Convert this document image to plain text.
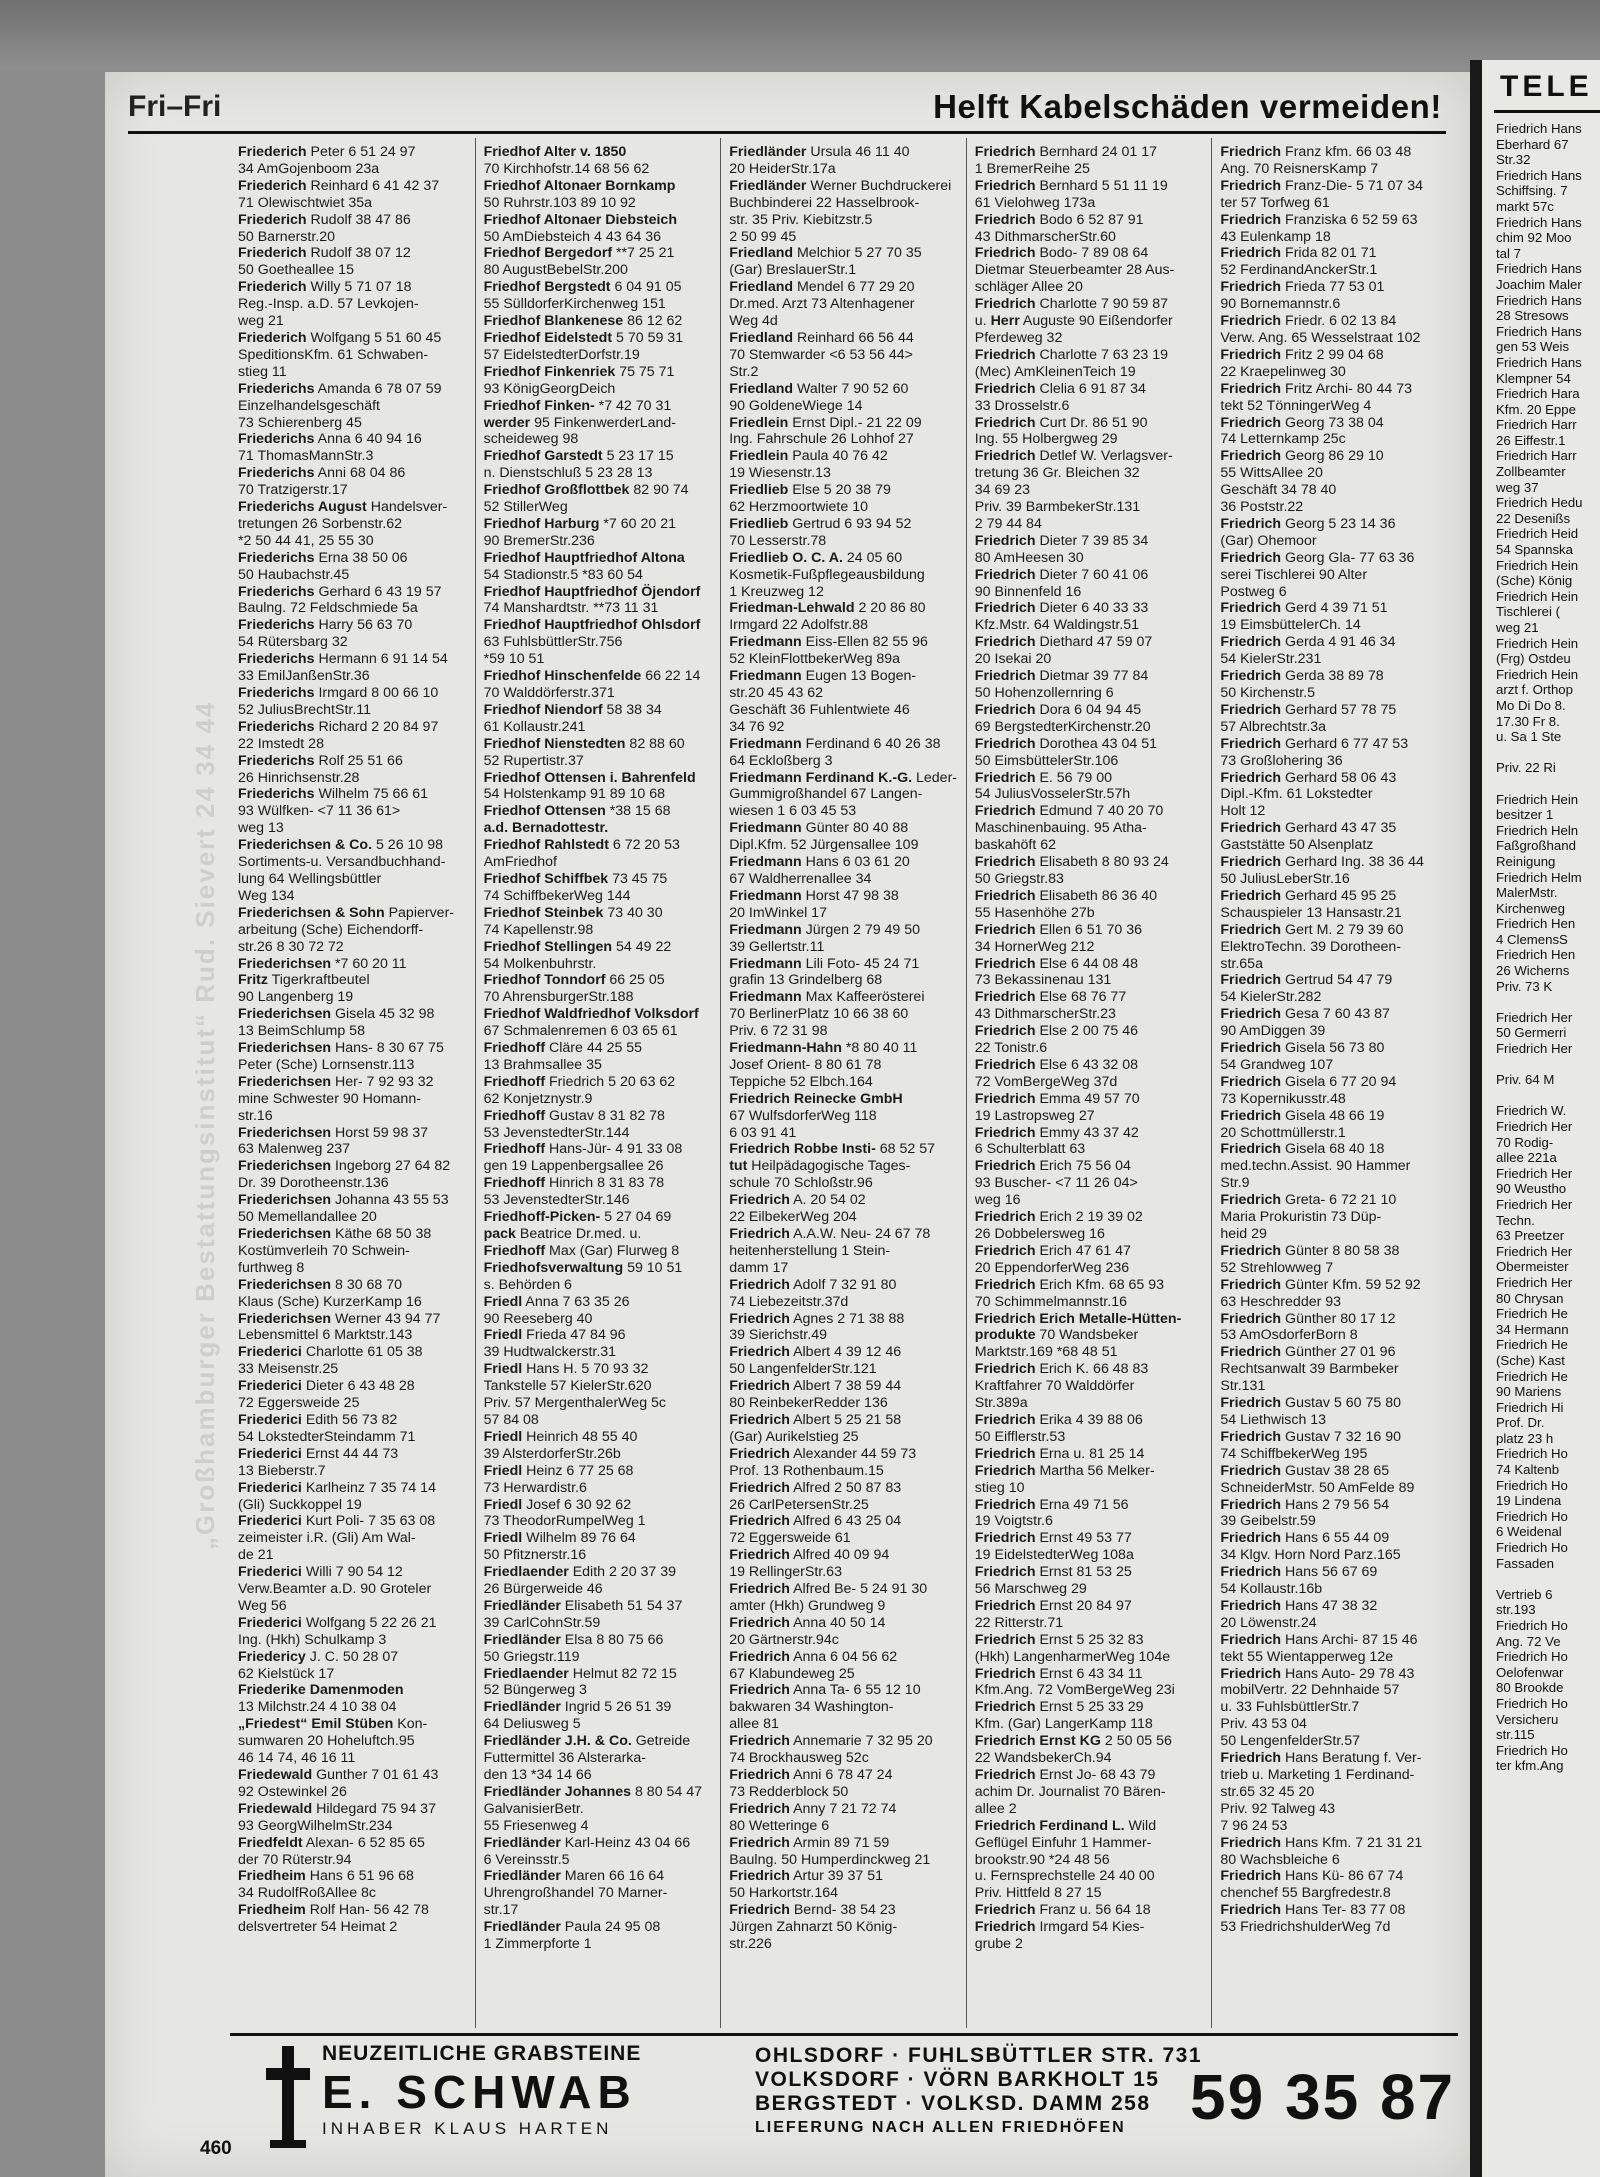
TELE
Friedrich Hans
Eberhard 67
Str.32
Friedrich Hans
Schiffsing. 7
markt 57c
Friedrich Hans
chim 92 Moo
tal 7
Friedrich Hans
Joachim Maler
Friedrich Hans
28 Stresows
Friedrich Hans
gen 53 Weis
Friedrich Hans
Klempner 54
Friedrich Hara
Kfm. 20 Eppe
Friedrich Harr
26 Eiffestr.1
Friedrich Harr
Zollbeamter
weg 37
Friedrich Hedu
22 Desenißs
Friedrich Heid
54 Spannska
Friedrich Hein
(Sche) König
Friedrich Hein
Tischlerei (
weg 21
Friedrich Hein
(Frg) Ostdeu
Friedrich Hein
arzt f. Orthop
Mo Di Do 8.
17.30 Fr 8.
u. Sa 1 Ste

Priv. 22 Ri

Friedrich Hein
besitzer 1
Friedrich Heln
Faßgroßhand
Reinigung
Friedrich Helm
MalerMstr.
Kirchenweg
Friedrich Hen
4 ClemensS
Friedrich Hen
26 Wicherns
Priv. 73 K

Friedrich Her
50 Germerri
Friedrich Her

Priv. 64 M

Friedrich W.
Friedrich Her
70 Rodig-
allee 221a
Friedrich Her
90 Weustho
Friedrich Her
Techn.
63 Preetzer
Friedrich Her
Obermeister
Friedrich Her
80 Chrysan
Friedrich He
34 Hermann
Friedrich He
(Sche) Kast
Friedrich He
90 Mariens
Friedrich Hi
Prof. Dr.
platz 23 h
Friedrich Ho
74 Kaltenb
Friedrich Ho
19 Lindena
Friedrich Ho
6 Weidenal
Friedrich Ho
Fassaden

Vertrieb 6
str.193
Friedrich Ho
Ang. 72 Ve
Friedrich Ho
Oelofenwar
80 Brookde
Friedrich Ho
Versicheru
str.115
Friedrich Ho
ter kfm.Ang
Fri–Fri	Helft Kabelschäden vermeiden!
„Großhamburger Bestattungsinstitut“ Rud. Sievert 24 34 44
Friederich Peter 6 51 24 97
34 AmGojenboom 23a
Friederich Reinhard 6 41 42 37
71 Olewischtwiet 35a
Friederich Rudolf 38 47 86
50 Barnerstr.20
Friederich Rudolf 38 07 12
50 Goetheallee 15
Friederich Willy 5 71 07 18
Reg.-Insp. a.D. 57 Levkojen-
weg 21
Friederich Wolfgang 5 51 60 45
SpeditionsKfm. 61 Schwaben-
stieg 11
Friederichs Amanda 6 78 07 59
Einzelhandelsgeschäft
73 Schierenberg 45
Friederichs Anna 6 40 94 16
71 ThomasMannStr.3
Friederichs Anni 68 04 86
70 Tratzigerstr.17
Friederichs August Handelsver-
tretungen 26 Sorbenstr.62
*2 50 44 41, 25 55 30
Friederichs Erna 38 50 06
50 Haubachstr.45
Friederichs Gerhard 6 43 19 57
Baulng. 72 Feldschmiede 5a
Friederichs Harry 56 63 70
54 Rütersbarg 32
Friederichs Hermann 6 91 14 54
33 EmilJanßenStr.36
Friederichs Irmgard 8 00 66 10
52 JuliusBrechtStr.11
Friederichs Richard 2 20 84 97
22 Imstedt 28
Friederichs Rolf 25 51 66
26 Hinrichsenstr.28
Friederichs Wilhelm 75 66 61
93 Wülfken- <7 11 36 61>
weg 13
Friederichsen & Co. 5 26 10 98
Sortiments-u. Versandbuchhand-
lung 64 Wellingsbüttler
Weg 134
Friederichsen & Sohn Papierver-
arbeitung (Sche) Eichendorff-
str.26 8 30 72 72
Friederichsen *7 60 20 11
Fritz Tigerkraftbeutel
90 Langenberg 19
Friederichsen Gisela 45 32 98
13 BeimSchlump 58
Friederichsen Hans- 8 30 67 75
Peter (Sche) Lornsenstr.113
Friederichsen Her- 7 92 93 32
mine Schwester 90 Homann-
str.16
Friederichsen Horst 59 98 37
63 Malenweg 237
Friederichsen Ingeborg 27 64 82
Dr. 39 Dorotheenstr.136
Friederichsen Johanna 43 55 53
50 Memellandallee 20
Friederichsen Käthe 68 50 38
Kostümverleih 70 Schwein-
furthweg 8
Friederichsen 8 30 68 70
Klaus (Sche) KurzerKamp 16
Friederichsen Werner 43 94 77
Lebensmittel 6 Marktstr.143
Friederici Charlotte 61 05 38
33 Meisenstr.25
Friederici Dieter 6 43 48 28
72 Eggersweide 25
Friederici Edith 56 73 82
54 LokstedterSteindamm 71
Friederici Ernst 44 44 73
13 Bieberstr.7
Friederici Karlheinz 7 35 74 14
(Gli) Suckkoppel 19
Friederici Kurt Poli- 7 35 63 08
zeimeister i.R. (Gli) Am Wal-
de 21
Friederici Willi 7 90 54 12
Verw.Beamter a.D. 90 Groteler
Weg 56
Friederici Wolfgang 5 22 26 21
Ing. (Hkh) Schulkamp 3
Friedericy J. C. 50 28 07
62 Kielstück 17
Friederike Damenmoden
13 Milchstr.24 4 10 38 04
„Friedest“ Emil Stüben Kon-
sumwaren 20 Hoheluftch.95
46 14 74, 46 16 11
Friedewald Gunther 7 01 61 43
92 Ostewinkel 26
Friedewald Hildegard 75 94 37
93 GeorgWilhelmStr.234
Friedfeldt Alexan- 6 52 85 65
der 70 Rüterstr.94
Friedheim Hans 6 51 96 68
34 RudolfRoßAllee 8c
Friedheim Rolf Han- 56 42 78
delsvertreter 54 Heimat 2
Friedhof Alter v. 1850
70 Kirchhofstr.14 68 56 62
Friedhof Altonaer Bornkamp
50 Ruhrstr.103 89 10 92
Friedhof Altonaer Diebsteich
50 AmDiebsteich 4 43 64 36
Friedhof Bergedorf **7 25 21
80 AugustBebelStr.200
Friedhof Bergstedt 6 04 91 05
55 SülldorferKirchenweg 151
Friedhof Blankenese 86 12 62
Friedhof Eidelstedt 5 70 59 31
57 EidelstedterDorfstr.19
Friedhof Finkenriek 75 75 71
93 KönigGeorgDeich
Friedhof Finken- *7 42 70 31
werder 95 FinkenwerderLand-
scheideweg 98
Friedhof Garstedt 5 23 17 15
n. Dienstschluß 5 23 28 13
Friedhof Großflottbek 82 90 74
52 StillerWeg
Friedhof Harburg *7 60 20 21
90 BremerStr.236
Friedhof Hauptfriedhof Altona
54 Stadionstr.5 *83 60 54
Friedhof Hauptfriedhof Öjendorf
74 Manshardtstr. **73 11 31
Friedhof Hauptfriedhof Ohlsdorf
63 FuhlsbüttlerStr.756
*59 10 51
Friedhof Hinschenfelde 66 22 14
70 Walddörferstr.371
Friedhof Niendorf 58 38 34
61 Kollaustr.241
Friedhof Nienstedten 82 88 60
52 Rupertistr.37
Friedhof Ottensen i. Bahrenfeld
54 Holstenkamp 91 89 10 68
Friedhof Ottensen *38 15 68
a.d. Bernadottestr.
Friedhof Rahlstedt 6 72 20 53
AmFriedhof
Friedhof Schiffbek 73 45 75
74 SchiffbekerWeg 144
Friedhof Steinbek 73 40 30
74 Kapellenstr.98
Friedhof Stellingen 54 49 22
54 Molkenbuhrstr.
Friedhof Tonndorf 66 25 05
70 AhrensburgerStr.188
Friedhof Waldfriedhof Volksdorf
67 Schmalenremen 6 03 65 61
Friedhoff Cläre 44 25 55
13 Brahmsallee 35
Friedhoff Friedrich 5 20 63 62
62 Konjetznystr.9
Friedhoff Gustav 8 31 82 78
53 JevenstedterStr.144
Friedhoff Hans-Jür- 4 91 33 08
gen 19 Lappenbergsallee 26
Friedhoff Hinrich 8 31 83 78
53 JevenstedterStr.146
Friedhoff-Picken- 5 27 04 69
pack Beatrice Dr.med. u.
Friedhoff Max (Gar) Flurweg 8
Friedhofsverwaltung 59 10 51
s. Behörden 6
Friedl Anna 7 63 35 26
90 Reeseberg 40
Friedl Frieda 47 84 96
39 Hudtwalckerstr.31
Friedl Hans H. 5 70 93 32
Tankstelle 57 KielerStr.620
Priv. 57 MergenthalerWeg 5c
57 84 08
Friedl Heinrich 48 55 40
39 AlsterdorferStr.26b
Friedl Heinz 6 77 25 68
73 Herwardistr.6
Friedl Josef 6 30 92 62
73 TheodorRumpelWeg 1
Friedl Wilhelm 89 76 64
50 Pfitznerstr.16
Friedlaender Edith 2 20 37 39
26 Bürgerweide 46
Friedländer Elisabeth 51 54 37
39 CarlCohnStr.59
Friedländer Elsa 8 80 75 66
50 Griegstr.119
Friedlaender Helmut 82 72 15
52 Büngerweg 3
Friedländer Ingrid 5 26 51 39
64 Deliusweg 5
Friedländer J.H. & Co. Getreide
Futtermittel 36 Alsterarka-
den 13 *34 14 66
Friedländer Johannes 8 80 54 47
GalvanisierBetr.
55 Friesenweg 4
Friedländer Karl-Heinz 43 04 66
6 Vereinsstr.5
Friedländer Maren 66 16 64
Uhrengroßhandel 70 Marner-
str.17
Friedländer Paula 24 95 08
1 Zimmerpforte 1
Friedländer Ursula 46 11 40
20 HeiderStr.17a
Friedländer Werner Buchdruckerei
Buchbinderei 22 Hasselbrook-
str. 35 Priv. Kiebitzstr.5
2 50 99 45
Friedland Melchior 5 27 70 35
(Gar) BreslauerStr.1
Friedland Mendel 6 77 29 20
Dr.med. Arzt 73 Altenhagener
Weg 4d
Friedland Reinhard 66 56 44
70 Stemwarder <6 53 56 44>
Str.2
Friedland Walter 7 90 52 60
90 GoldeneWiege 14
Friedlein Ernst Dipl.- 21 22 09
Ing. Fahrschule 26 Lohhof 27
Friedlein Paula 40 76 42
19 Wiesenstr.13
Friedlieb Else 5 20 38 79
62 Herzmoortwiete 10
Friedlieb Gertrud 6 93 94 52
70 Lesserstr.78
Friedlieb O. C. A. 24 05 60
Kosmetik-Fußpflegeausbildung
1 Kreuzweg 12
Friedman-Lehwald 2 20 86 80
Irmgard 22 Adolfstr.88
Friedmann Eiss-Ellen 82 55 96
52 KleinFlottbekerWeg 89a
Friedmann Eugen 13 Bogen-
str.20 45 43 62
Geschäft 36 Fuhlentwiete 46
34 76 92
Friedmann Ferdinand 6 40 26 38
64 Eckloßberg 3
Friedmann Ferdinand K.-G. Leder-
Gummigroßhandel 67 Langen-
wiesen 1 6 03 45 53
Friedmann Günter 80 40 88
Dipl.Kfm. 52 Jürgensallee 109
Friedmann Hans 6 03 61 20
67 Waldherrenallee 34
Friedmann Horst 47 98 38
20 ImWinkel 17
Friedmann Jürgen 2 79 49 50
39 Gellertstr.11
Friedmann Lili Foto- 45 24 71
grafin 13 Grindelberg 68
Friedmann Max Kaffeerösterei
70 BerlinerPlatz 10 66 38 60
Priv. 6 72 31 98
Friedmann-Hahn *8 80 40 11
Josef Orient- 8 80 61 78
Teppiche 52 Elbch.164
Friedrich Reinecke GmbH
67 WulfsdorferWeg 118
6 03 91 41
Friedrich Robbe Insti- 68 52 57
tut Heilpädagogische Tages-
schule 70 Schloßstr.96
Friedrich A. 20 54 02
22 EilbekerWeg 204
Friedrich A.A.W. Neu- 24 67 78
heitenherstellung 1 Stein-
damm 17
Friedrich Adolf 7 32 91 80
74 Liebezeitstr.37d
Friedrich Agnes 2 71 38 88
39 Sierichstr.49
Friedrich Albert 4 39 12 46
50 LangenfelderStr.121
Friedrich Albert 7 38 59 44
80 ReinbekerRedder 136
Friedrich Albert 5 25 21 58
(Gar) Aurikelstieg 25
Friedrich Alexander 44 59 73
Prof. 13 Rothenbaum.15
Friedrich Alfred 2 50 87 83
26 CarlPetersenStr.25
Friedrich Alfred 6 43 25 04
72 Eggersweide 61
Friedrich Alfred 40 09 94
19 RellingerStr.63
Friedrich Alfred Be- 5 24 91 30
amter (Hkh) Grundweg 9
Friedrich Anna 40 50 14
20 Gärtnerstr.94c
Friedrich Anna 6 04 56 62
67 Klabundeweg 25
Friedrich Anna Ta- 6 55 12 10
bakwaren 34 Washington-
allee 81
Friedrich Annemarie 7 32 95 20
74 Brockhausweg 52c
Friedrich Anni 6 78 47 24
73 Redderblock 50
Friedrich Anny 7 21 72 74
80 Wetteringe 6
Friedrich Armin 89 71 59
Baulng. 50 Humperdinckweg 21
Friedrich Artur 39 37 51
50 Harkortstr.164
Friedrich Bernd- 38 54 23
Jürgen Zahnarzt 50 König-
str.226
Friedrich Bernhard 24 01 17
1 BremerReihe 25
Friedrich Bernhard 5 51 11 19
61 Vielohweg 173a
Friedrich Bodo 6 52 87 91
43 DithmarscherStr.60
Friedrich Bodo- 7 89 08 64
Dietmar Steuerbeamter 28 Aus-
schläger Allee 20
Friedrich Charlotte 7 90 59 87
u. Herr Auguste 90 Eißendorfer
Pferdeweg 32
Friedrich Charlotte 7 63 23 19
(Mec) AmKleinenTeich 19
Friedrich Clelia 6 91 87 34
33 Drosselstr.6
Friedrich Curt Dr. 86 51 90
Ing. 55 Holbergweg 29
Friedrich Detlef W. Verlagsver-
tretung 36 Gr. Bleichen 32
34 69 23
Priv. 39 BarmbekerStr.131
2 79 44 84
Friedrich Dieter 7 39 85 34
80 AmHeesen 30
Friedrich Dieter 7 60 41 06
90 Binnenfeld 16
Friedrich Dieter 6 40 33 33
Kfz.Mstr. 64 Waldingstr.51
Friedrich Diethard 47 59 07
20 Isekai 20
Friedrich Dietmar 39 77 84
50 Hohenzollernring 6
Friedrich Dora 6 04 94 45
69 BergstedterKirchenstr.20
Friedrich Dorothea 43 04 51
50 EimsbüttelerStr.106
Friedrich E. 56 79 00
54 JuliusVosselerStr.57h
Friedrich Edmund 7 40 20 70
Maschinenbauing. 95 Atha-
baskahöft 62
Friedrich Elisabeth 8 80 93 24
50 Griegstr.83
Friedrich Elisabeth 86 36 40
55 Hasenhöhe 27b
Friedrich Ellen 6 51 70 36
34 HornerWeg 212
Friedrich Else 6 44 08 48
73 Bekassinenau 131
Friedrich Else 68 76 77
43 DithmarscherStr.23
Friedrich Else 2 00 75 46
22 Tonistr.6
Friedrich Else 6 43 32 08
72 VomBergeWeg 37d
Friedrich Emma 49 57 70
19 Lastropsweg 27
Friedrich Emmy 43 37 42
6 Schulterblatt 63
Friedrich Erich 75 56 04
93 Buscher- <7 11 26 04>
weg 16
Friedrich Erich 2 19 39 02
26 Dobbelersweg 16
Friedrich Erich 47 61 47
20 EppendorferWeg 236
Friedrich Erich Kfm. 68 65 93
70 Schimmelmannstr.16
Friedrich Erich Metalle-Hütten-
produkte 70 Wandsbeker
Marktstr.169 *68 48 51
Friedrich Erich K. 66 48 83
Kraftfahrer 70 Walddörfer
Str.389a
Friedrich Erika 4 39 88 06
50 Eifflerstr.53
Friedrich Erna u. 81 25 14
Friedrich Martha 56 Melker-
stieg 10
Friedrich Erna 49 71 56
19 Voigtstr.6
Friedrich Ernst 49 53 77
19 EidelstedterWeg 108a
Friedrich Ernst 81 53 25
56 Marschweg 29
Friedrich Ernst 20 84 97
22 Ritterstr.71
Friedrich Ernst 5 25 32 83
(Hkh) LangenharmerWeg 104e
Friedrich Ernst 6 43 34 11
Kfm.Ang. 72 VomBergeWeg 23i
Friedrich Ernst 5 25 33 29
Kfm. (Gar) LangerKamp 118
Friedrich Ernst KG 2 50 05 56
22 WandsbekerCh.94
Friedrich Ernst Jo- 68 43 79
achim Dr. Journalist 70 Bären-
allee 2
Friedrich Ferdinand L. Wild
Geflügel Einfuhr 1 Hammer-
brookstr.90 *24 48 56
u. Fernsprechstelle 24 40 00
Priv. Hittfeld 8 27 15
Friedrich Franz u. 56 64 18
Friedrich Irmgard 54 Kies-
grube 2
Friedrich Franz kfm. 66 03 48
Ang. 70 ReisnersKamp 7
Friedrich Franz-Die- 5 71 07 34
ter 57 Torfweg 61
Friedrich Franziska 6 52 59 63
43 Eulenkamp 18
Friedrich Frida 82 01 71
52 FerdinandAnckerStr.1
Friedrich Frieda 77 53 01
90 Bornemannstr.6
Friedrich Friedr. 6 02 13 84
Verw. Ang. 65 Wesselstraat 102
Friedrich Fritz 2 99 04 68
22 Kraepelinweg 30
Friedrich Fritz Archi- 80 44 73
tekt 52 TönningerWeg 4
Friedrich Georg 73 38 04
74 Letternkamp 25c
Friedrich Georg 86 29 10
55 WittsAllee 20
Geschäft 34 78 40
36 Poststr.22
Friedrich Georg 5 23 14 36
(Gar) Ohemoor
Friedrich Georg Gla- 77 63 36
serei Tischlerei 90 Alter
Postweg 6
Friedrich Gerd 4 39 71 51
19 EimsbüttelerCh. 14
Friedrich Gerda 4 91 46 34
54 KielerStr.231
Friedrich Gerda 38 89 78
50 Kirchenstr.5
Friedrich Gerhard 57 78 75
57 Albrechtstr.3a
Friedrich Gerhard 6 77 47 53
73 Großlohering 36
Friedrich Gerhard 58 06 43
Dipl.-Kfm. 61 Lokstedter
Holt 12
Friedrich Gerhard 43 47 35
Gaststätte 50 Alsenplatz
Friedrich Gerhard Ing. 38 36 44
50 JuliusLeberStr.16
Friedrich Gerhard 45 95 25
Schauspieler 13 Hansastr.21
Friedrich Gert M. 2 79 39 60
ElektroTechn. 39 Dorotheen-
str.65a
Friedrich Gertrud 54 47 79
54 KielerStr.282
Friedrich Gesa 7 60 43 87
90 AmDiggen 39
Friedrich Gisela 56 73 80
54 Grandweg 107
Friedrich Gisela 6 77 20 94
73 Kopernikusstr.48
Friedrich Gisela 48 66 19
20 Schottmüllerstr.1
Friedrich Gisela 68 40 18
med.techn.Assist. 90 Hammer
Str.9
Friedrich Greta- 6 72 21 10
Maria Prokuristin 73 Düp-
heid 29
Friedrich Günter 8 80 58 38
52 Strehlowweg 7
Friedrich Günter Kfm. 59 52 92
63 Heschredder 93
Friedrich Günther 80 17 12
53 AmOsdorferBorn 8
Friedrich Günther 27 01 96
Rechtsanwalt 39 Barmbeker
Str.131
Friedrich Gustav 5 60 75 80
54 Liethwisch 13
Friedrich Gustav 7 32 16 90
74 SchiffbekerWeg 195
Friedrich Gustav 38 28 65
SchneiderMstr. 50 AmFelde 89
Friedrich Hans 2 79 56 54
39 Geibelstr.59
Friedrich Hans 6 55 44 09
34 Klgv. Horn Nord Parz.165
Friedrich Hans 56 67 69
54 Kollaustr.16b
Friedrich Hans 47 38 32
20 Löwenstr.24
Friedrich Hans Archi- 87 15 46
tekt 55 Wientapperweg 12e
Friedrich Hans Auto- 29 78 43
mobilVertr. 22 Dehnhaide 57
u. 33 FuhlsbüttlerStr.7
Priv. 43 53 04
50 LengenfelderStr.57
Friedrich Hans Beratung f. Ver-
trieb u. Marketing 1 Ferdinand-
str.65 32 45 20
Priv. 92 Talweg 43
7 96 24 53
Friedrich Hans Kfm. 7 21 31 21
80 Wachsbleiche 6
Friedrich Hans Kü- 86 67 74
chenchef 55 Bargfredestr.8
Friedrich Hans Ter- 83 77 08
53 FriedrichshulderWeg 7d
NEUZEITLICHE GRABSTEINE
E. SCHWAB
INHABER KLAUS HARTEN
OHLSDORF · FUHLSBÜTTLER STR. 731
VOLKSDORF · VÖRN BARKHOLT 15
BERGSTEDT · VOLKSD. DAMM 258
LIEFERUNG NACH ALLEN FRIEDHÖFEN	59 35 87
460
